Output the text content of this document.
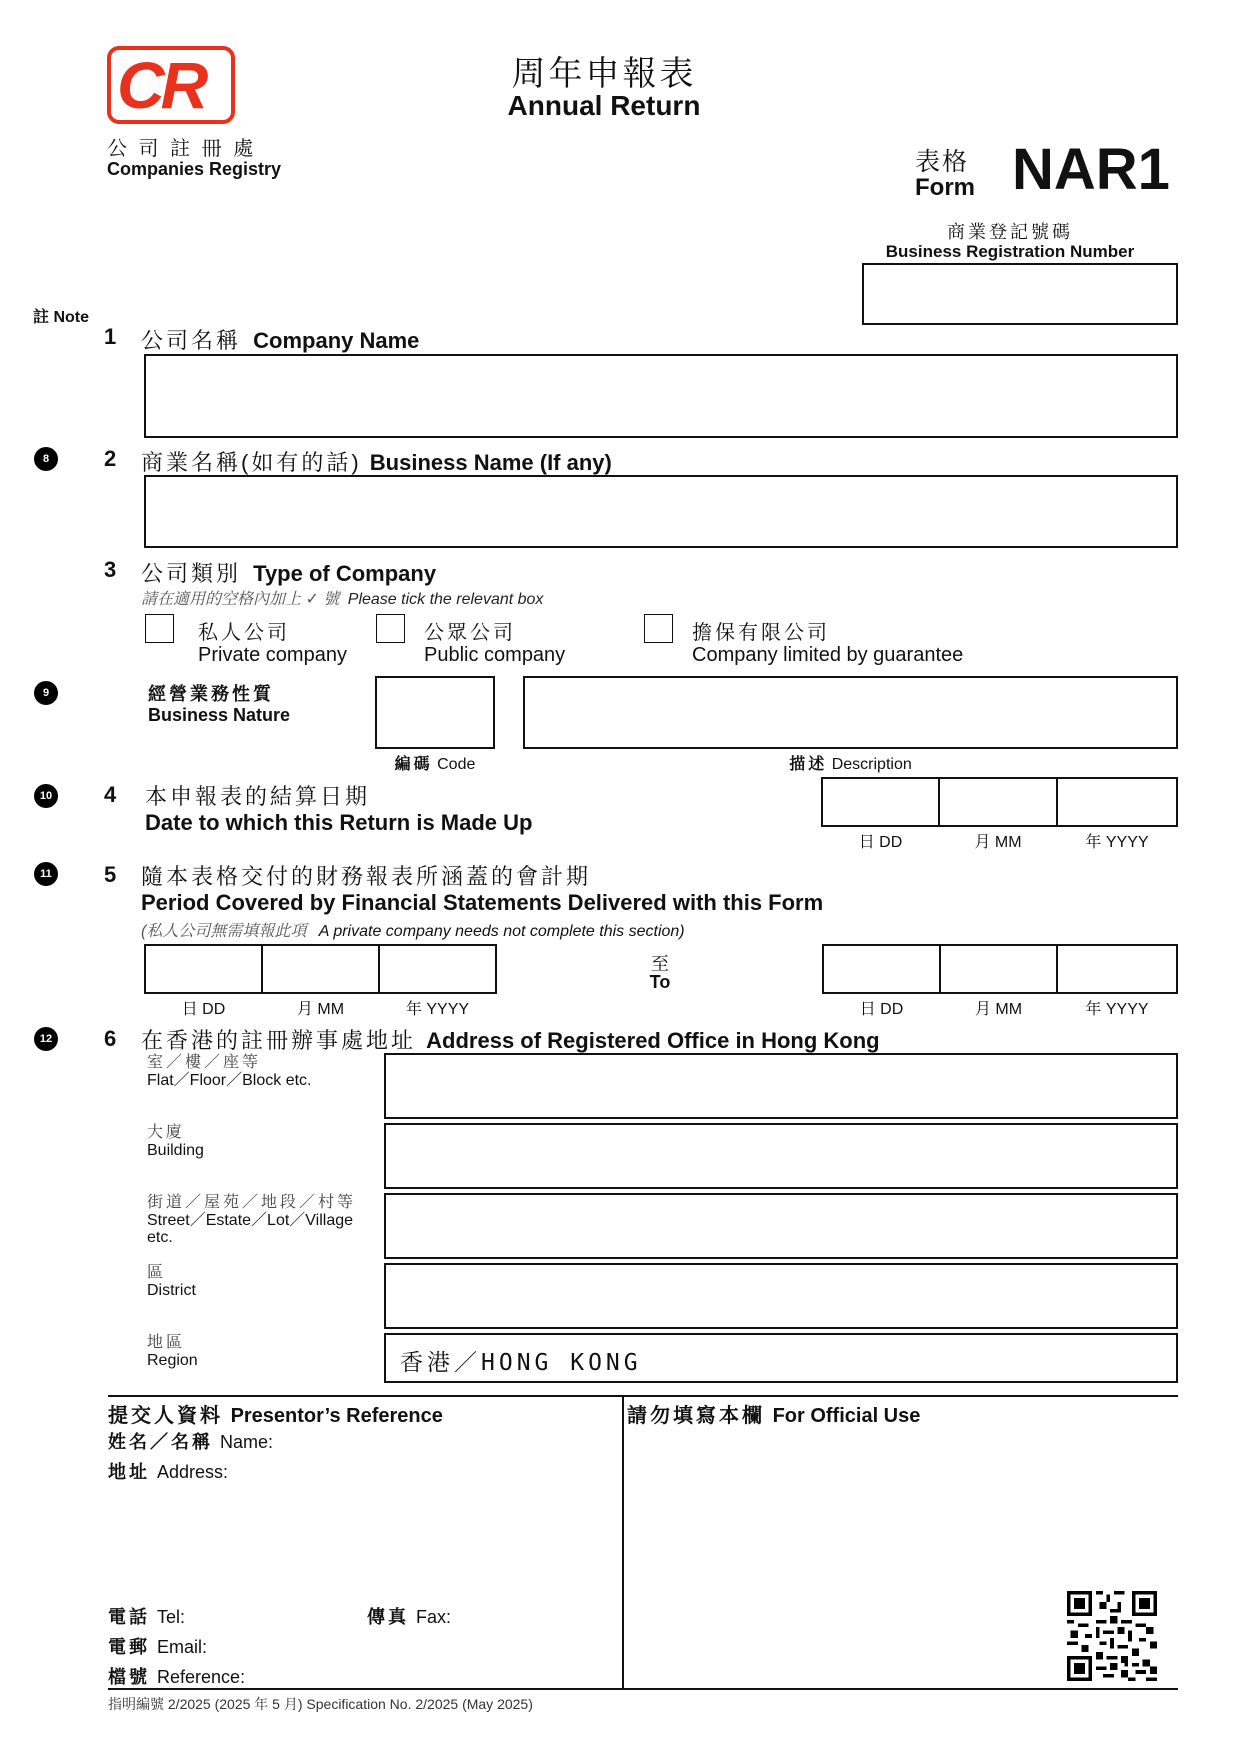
CR
公 司 註 冊 處
Companies Registry
周年申報表
Annual Return
表格
Form NAR1
商業登記號碼
Business Registration Number
註 Note
1 公司名稱 Company Name
8	2 商業名稱(如有的話) Business Name (If any)
3 公司類別 Type of Company
請在適用的空格內加上 ✓ 號 Please tick the relevant box
私人公司
Private company
公眾公司
Public company
擔保有限公司
Company limited by guarantee
9	經營業務性質
Business Nature
編碼 Code	描述 Description
10 4 本申報表的結算日期
Date to which this Return is Made Up
日 DD	月 MM	年 YYYY
11 5 隨本表格交付的財務報表所涵蓋的會計期
Period Covered by Financial Statements Delivered with this Form
(私人公司無需填報此項 A private company needs not complete this section)
日 DD	月 MM	年 YYYY
至
To
日 DD	月 MM	年 YYYY
12 6 在香港的註冊辦事處地址 Address of Registered Office in Hong Kong
室／樓／座等
Flat／Floor／Block etc.
大廈
Building
街道／屋苑／地段／村等
Street／Estate／Lot／Village
etc.
區
District
地區
Region	香港／HONG KONG
提交人資料 Presentor’s Reference
姓名／名稱 Name:
地址 Address:
電話 Tel:	傳真 Fax:
電郵 Email:
檔號 Reference:
請勿填寫本欄 For Official Use
指明編號 2/2025 (2025 年 5 月) Specification No. 2/2025 (May 2025)
